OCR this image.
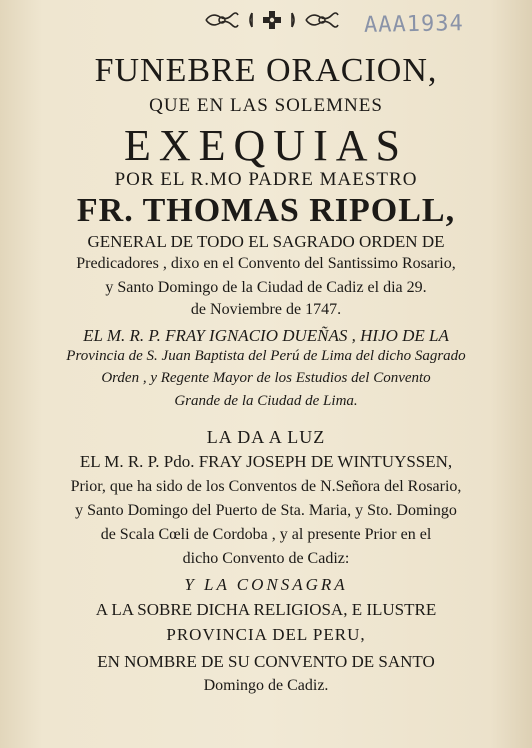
AAA1934
FUNEBRE ORACION,
QUE EN LAS SOLEMNES
EXEQUIAS
POR EL R.MO PADRE MAESTRO
FR. THOMAS RIPOLL,
GENERAL DE TODO EL SAGRADO ORDEN DE
Predicadores , dixo en el Convento del Santissimo Rosario,
y Santo Domingo de la Ciudad de Cadiz el dia 29.
de Noviembre de 1747.
EL M. R. P. FRAY IGNACIO DUEÑAS , HIJO DE LA
Provincia de S. Juan Baptista del Perú de Lima del dicho Sagrado
Orden , y Regente Mayor de los Estudios del Convento
Grande de la Ciudad de Lima.
LA DA A LUZ
EL M. R. P. Pdo. FRAY JOSEPH DE WINTUYSSEN,
Prior, que ha sido de los Conventos de N.Señora del Rosario,
y Santo Domingo del Puerto de Sta. Maria, y Sto. Domingo
de Scala Cœli de Cordoba , y al presente Prior en el
dicho Convento de Cadiz:
Y LA CONSAGRA
A LA SOBRE DICHA RELIGIOSA, E ILUSTRE
PROVINCIA DEL PERU,
EN NOMBRE DE SU CONVENTO DE SANTO
Domingo de Cadiz.
